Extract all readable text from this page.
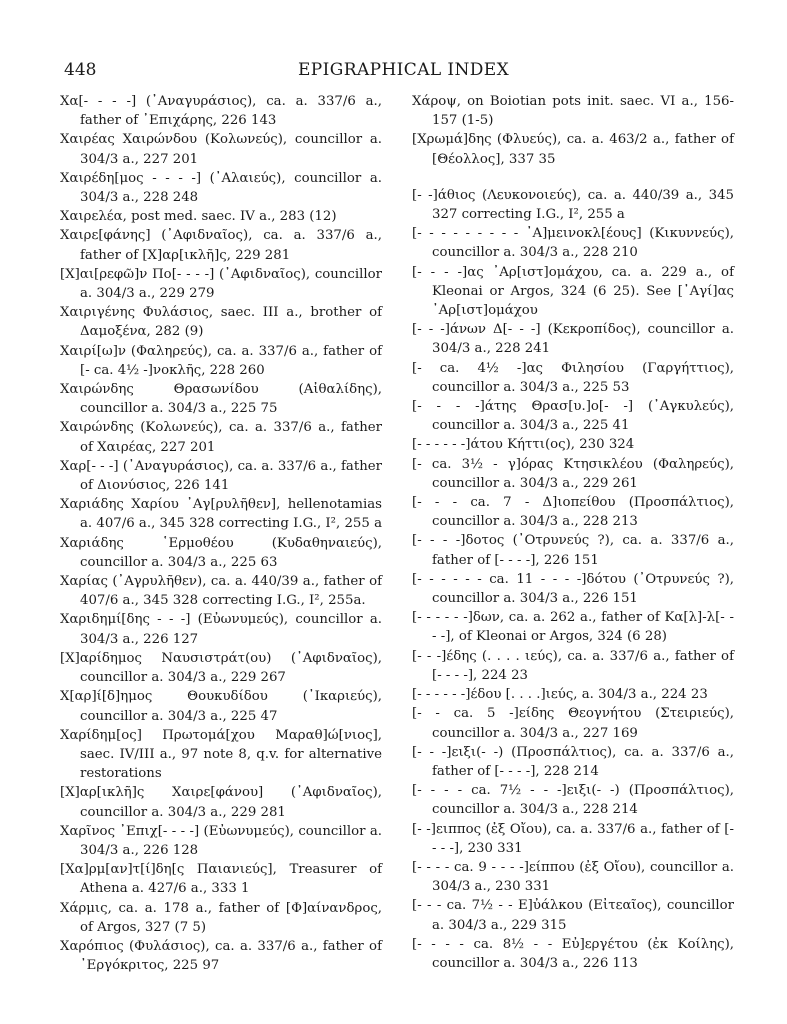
448	EPIGRAPHICAL INDEX
Χα[- - - -] (᾿Αναγυράσιος), ca. a. 337/6 a., father of ᾿Επιχάρης, 226 143
Χαιρέας Χαιρώνδου (Κολωνεύς), councillor a. 304/3 a., 227 201
Χαιρέδη[μος - - - -] (᾿Αλαιεύς), councillor a. 304/3 a., 228 248
Χαιρελέα, post med. saec. IV a., 283 (12)
Χαιρε[φάνης] (᾿Αφιδναῖος), ca. a. 337/6 a., father of [Χ]αρ[ικλῆ]ς, 229 281
[Χ]αι[ρεφῶ]ν Πο[- - - -] (᾿Αφιδναῖος), councillor a. 304/3 a., 229 279
Χαιριγένης Φυλάσιος, saec. III a., brother of Δαμοξένα, 282 (9)
Χαιρί[ω]ν (Φαληρεύς), ca. a. 337/6 a., father of [- ca. 4½ -]νοκλῆς, 228 260
Χαιρώνδης Θρασωνίδου (Αἰθαλίδης), councillor a. 304/3 a., 225 75
Χαιρώνδης (Κολωνεύς), ca. a. 337/6 a., father of Χαιρέας, 227 201
Χαρ[- - -] (᾿Αναγυράσιος), ca. a. 337/6 a., father of Διονύσιος, 226 141
Χαριάδης Χαρίου ᾿Αγ[ρυλῆθεν], hellenotamias a. 407/6 a., 345 328 correcting I.G., I², 255 a
Χαριάδης ῾Ερμοθέου (Κυδαθηναιεύς), councillor a. 304/3 a., 225 63
Χαρίας (᾿Αγρυλῆθεν), ca. a. 440/39 a., father of 407/6 a., 345 328 correcting I.G., I², 255a.
Χαριδημί[δης - - -] (Εὐωνυμεύς), councillor a. 304/3 a., 226 127
[Χ]αρίδημος Ναυσιστράτ(ου) (᾿Αφιδναῖος), councillor a. 304/3 a., 229 267
Χ[αρ]ί[δ]ημος Θουκυδίδου (᾿Ικαριεύς), councillor a. 304/3 a., 225 47
Χαρίδημ[ος] Πρωτομά[χου Μαραθ]ώ[νιος], saec. IV/III a., 97 note 8, q.v. for alternative restorations
[Χ]αρ[ικλῆ]ς Χαιρε[φάνου] (᾿Αφιδναῖος), councillor a. 304/3 a., 229 281
Χαρῖνος ᾿Επιχ[- - - -] (Εὐωνυμεύς), councillor a. 304/3 a., 226 128
[Χα]ρμ[αν]τ[ί]δη[ς Παιανιεύς], Treasurer of Athena a. 427/6 a., 333 1
Χάρμις, ca. a. 178 a., father of [Φ]αίνανδρος, of Argos, 327 (7 5)
Χαρόπιος (Φυλάσιος), ca. a. 337/6 a., father of ᾿Εργόκριτος, 225 97
Χάροψ, on Boiotian pots init. saec. VI a., 156-157 (1-5)
[Χρωμά]δης (Φλυεύς), ca. a. 463/2 a., father of [Θέολλος], 337 35
[- -]άθιος (Λευκονοιεύς), ca. a. 440/39 a., 345 327 correcting I.G., I², 255 a
[- - - - - - - - - ᾿Α]μεινοκλ[έους] (Κικυννεύς), councillor a. 304/3 a., 228 210
[- - - -]ας ᾿Αρ[ιστ]ομάχου, ca. a. 229 a., of Kleonai or Argos, 324 (6 25). See [᾿Αγί]ας ᾿Αρ[ιστ]ομάχου
[- - -]άνων Δ[- - -] (Κεκροπίδος), councillor a. 304/3 a., 228 241
[- ca. 4½ -]ας Φιλησίου (Γαργήττιος), councillor a. 304/3 a., 225 53
[- - - -]άτης Θρασ[υ.]ο[- -] (᾿Αγκυλεύς), councillor a. 304/3 a., 225 41
[- - - - - -]άτου Κήττι(ος), 230 324
[- ca. 3½ - γ]όρας Κτησικλέου (Φαληρεύς), councillor a. 304/3 a., 229 261
[- - - ca. 7 - Δ]ιοπείθου (Προσπάλτιος), councillor a. 304/3 a., 228 213
[- - - -]δοτος (᾿Οτρυνεύς ?), ca. a. 337/6 a., father of [- - - -], 226 151
[- - - - - - ca. 11 - - - -]δότου (᾿Οτρυνεύς ?), councillor a. 304/3 a., 226 151
[- - - - - -]δων, ca. a. 262 a., father of Κα[λ]-λ[- - - -], of Kleonai or Argos, 324 (6 28)
[- - -]έδης (. . . . ιεύς), ca. a. 337/6 a., father of [- - - -], 224 23
[- - - - - -]έδου [. . . .]ιεύς, a. 304/3 a., 224 23
[- - ca. 5 -]είδης Θεογνήτου (Στειριεύς), councillor a. 304/3 a., 227 169
[- - -]ειξι(- -) (Προσπάλτιος), ca. a. 337/6 a., father of [- - - -], 228 214
[- - - - ca. 7½ - - -]ειξι(- -) (Προσπάλτιος), councillor a. 304/3 a., 228 214
[- -]ειππος (ἐξ Οἴου), ca. a. 337/6 a., father of [- - - -], 230 331
[- - - - ca. 9 - - - -]είππου (ἐξ Οἴου), councillor a. 304/3 a., 230 331
[- - - ca. 7½ - - Ε]ὐάλκου (Εἰτεαῖος), councillor a. 304/3 a., 229 315
[- - - - ca. 8½ - - Εὐ]εργέτου (ἐκ Κοίλης), councillor a. 304/3 a., 226 113
